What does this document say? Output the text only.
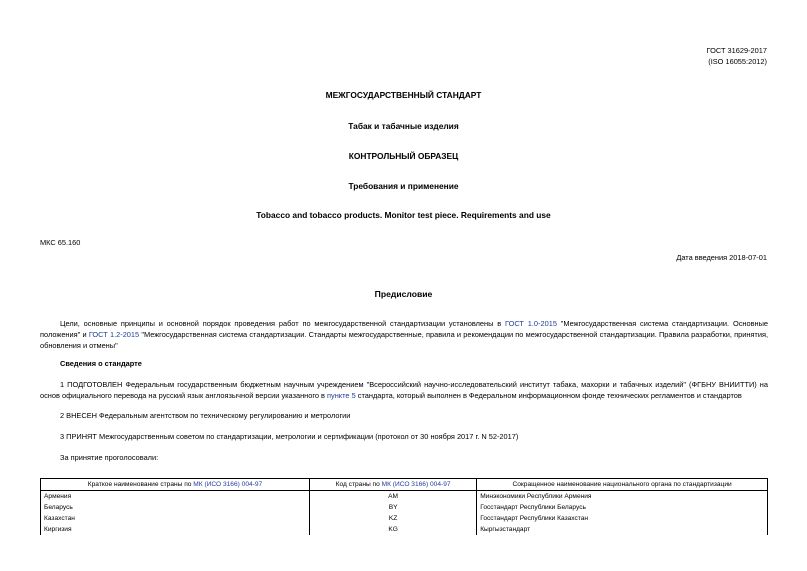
ГОСТ 31629-2017
(ISO 16055:2012)
МЕЖГОСУДАРСТВЕННЫЙ СТАНДАРТ
Табак и табачные изделия
КОНТРОЛЬНЫЙ ОБРАЗЕЦ
Требования и применение
Tobacco and tobacco products. Monitor test piece. Requirements and use
МКС 65.160
Дата введения 2018-07-01
Предисловие
Цели, основные принципы и основной порядок проведения работ по межгосударственной стандартизации установлены в ГОСТ 1.0-2015 "Межгосударственная система стандартизации. Основные положения" и ГОСТ 1.2-2015 "Межгосударственная система стандартизации. Стандарты межгосударственные, правила и рекомендации по межгосударственной стандартизации. Правила разработки, принятия, обновления и отмены"
Сведения о стандарте
1 ПОДГОТОВЛЕН Федеральным государственным бюджетным научным учреждением "Всероссийский научно-исследовательский институт табака, махорки и табачных изделий" (ФГБНУ ВНИИТТИ) на основ официального перевода на русский язык англоязычной версии указанного в пункте 5 стандарта, который выполнен в Федеральном информационном фонде технических регламентов и стандартов
2 ВНЕСЕН Федеральным агентством по техническому регулированию и метрологии
3 ПРИНЯТ Межгосударственным советом по стандартизации, метрологии и сертификации (протокол от 30 ноября 2017 г. N 52-2017)
За принятие проголосовали:
Краткое наименование страны по МК (ИСО 3166) 004-97	Код страны по МК (ИСО 3166) 004-97	Сокращенное наименование национального органа по стандартизации
Армения	AM	Минэкономики Республики Армения
Беларусь	BY	Госстандарт Республики Беларусь
Казахстан	KZ	Госстандарт Республики Казахстан
Киргизия	KG	Кыргызстандарт
